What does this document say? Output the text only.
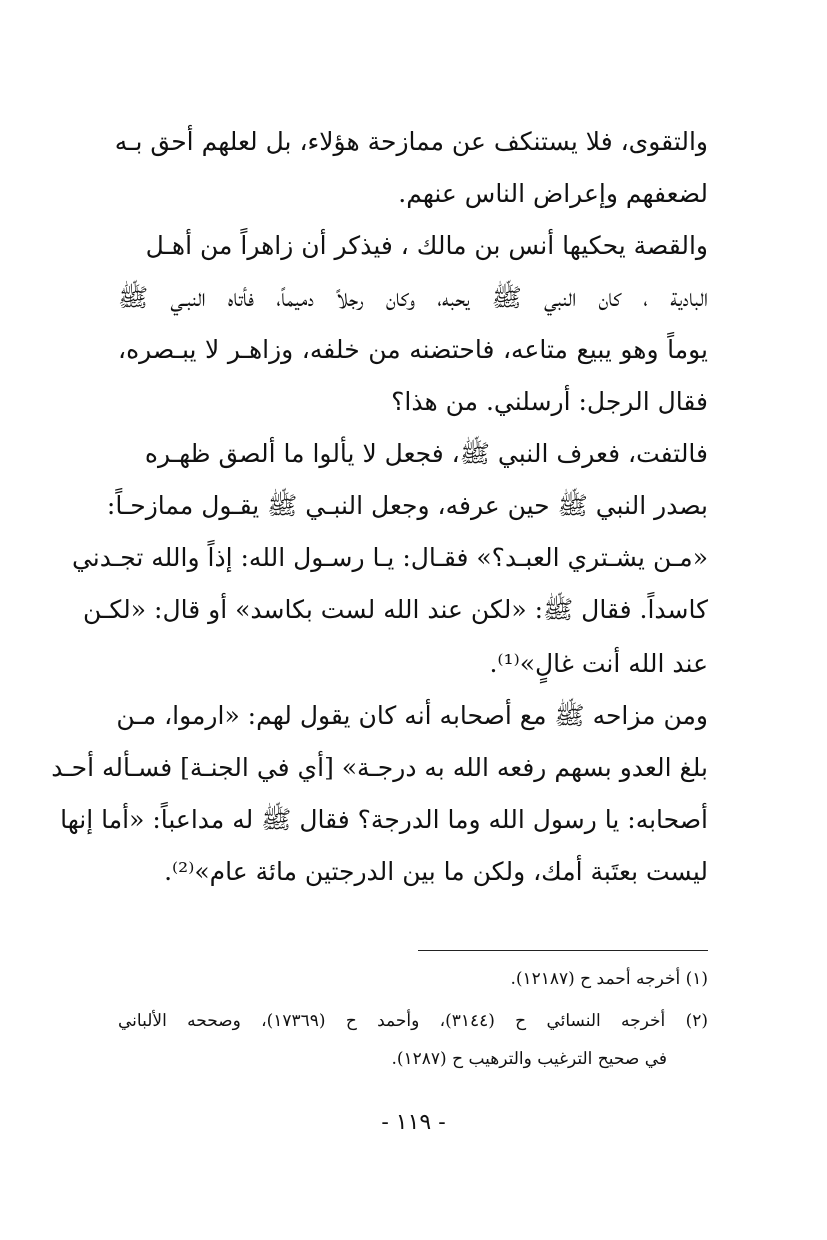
والتقوى، فلا يستنكف عن ممازحة هؤلاء، بل لعلهم أحق بـه
لضعفهم وإعراض الناس عنهم.
والقصة يحكيها أنس بن مالك ، فيذكر أن زاهراً من أهـل
البادية ، كان النبي ﷺ يحبه، وكان رجلاً دميماً، فأتاه النبـي ﷺ
يوماً وهو يبيع متاعه، فاحتضنه من خلفه، وزاهـر لا يبـصره،
فقال الرجل: أرسلني. من هذا؟
فالتفت، فعرف النبي ﷺ، فجعل لا يألوا ما ألصق ظهـره
بصدر النبي ﷺ حين عرفه، وجعل النبـي ﷺ يقـول ممازحـاً:
«مـن يشـتري العبـد؟» فقـال: يـا رسـول الله: إذاً والله تجـدني
كاسداً. فقال ﷺ: «لكن عند الله لست بكاسد» أو قال: «لكـن
عند الله أنت غالٍ»⁽¹⁾.
ومن مزاحه ﷺ مع أصحابه أنه كان يقول لهم: «ارموا، مـن
بلغ العدو بسهم رفعه الله به درجـة» [أي في الجنـة] فسـأله أحـد
أصحابه: يا رسول الله وما الدرجة؟ فقال ﷺ له مداعباً: «أما إنها
ليست بعتَبة أمك، ولكن ما بين الدرجتين مائة عام»⁽²⁾.
(١) أخرجه أحمد ح (١٢١٨٧).
(٢) أخرجه النسائي ح (٣١٤٤)، وأحمد ح (١٧٣٦٩)، وصححه الألباني
في صحيح الترغيب والترهيب ح (١٢٨٧).
- ١١٩ -
